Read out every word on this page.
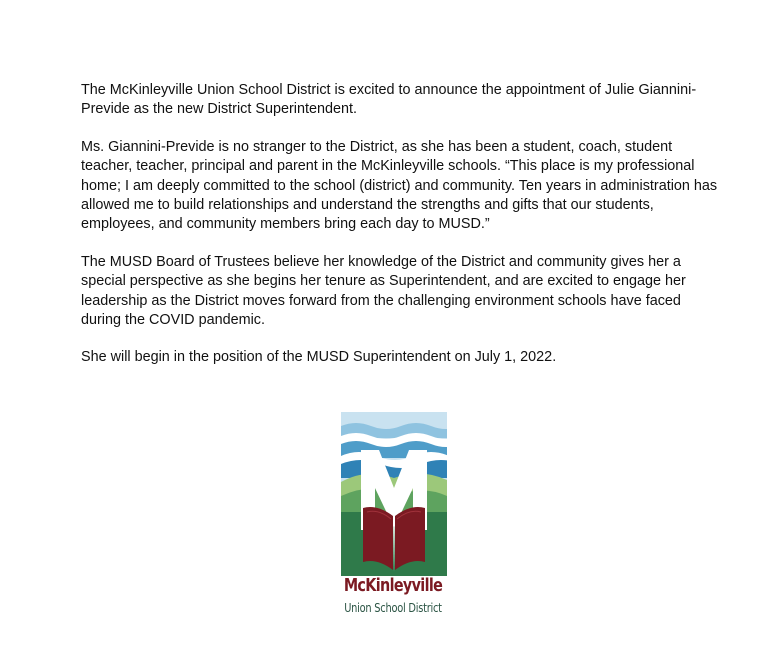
The McKinleyville Union School District is excited to announce the appointment of Julie Giannini-Previde as the new District Superintendent.

Ms. Giannini-Previde is no stranger to the District, as she has been a student, coach, student teacher, teacher, principal and parent in the McKinleyville schools. “This place is my professional home; I am deeply committed to the school (district) and community. Ten years in administration has allowed me to build relationships and understand the strengths and gifts that our students, employees, and community members bring each day to MUSD.”

The MUSD Board of Trustees believe her knowledge of the District and community gives her a special perspective as she begins her tenure as Superintendent, and are excited to engage her leadership as the District moves forward from the challenging environment schools have faced during the COVID pandemic.

She will begin in the position of the MUSD Superintendent on July 1, 2022.

McKinleyville
Union School District
